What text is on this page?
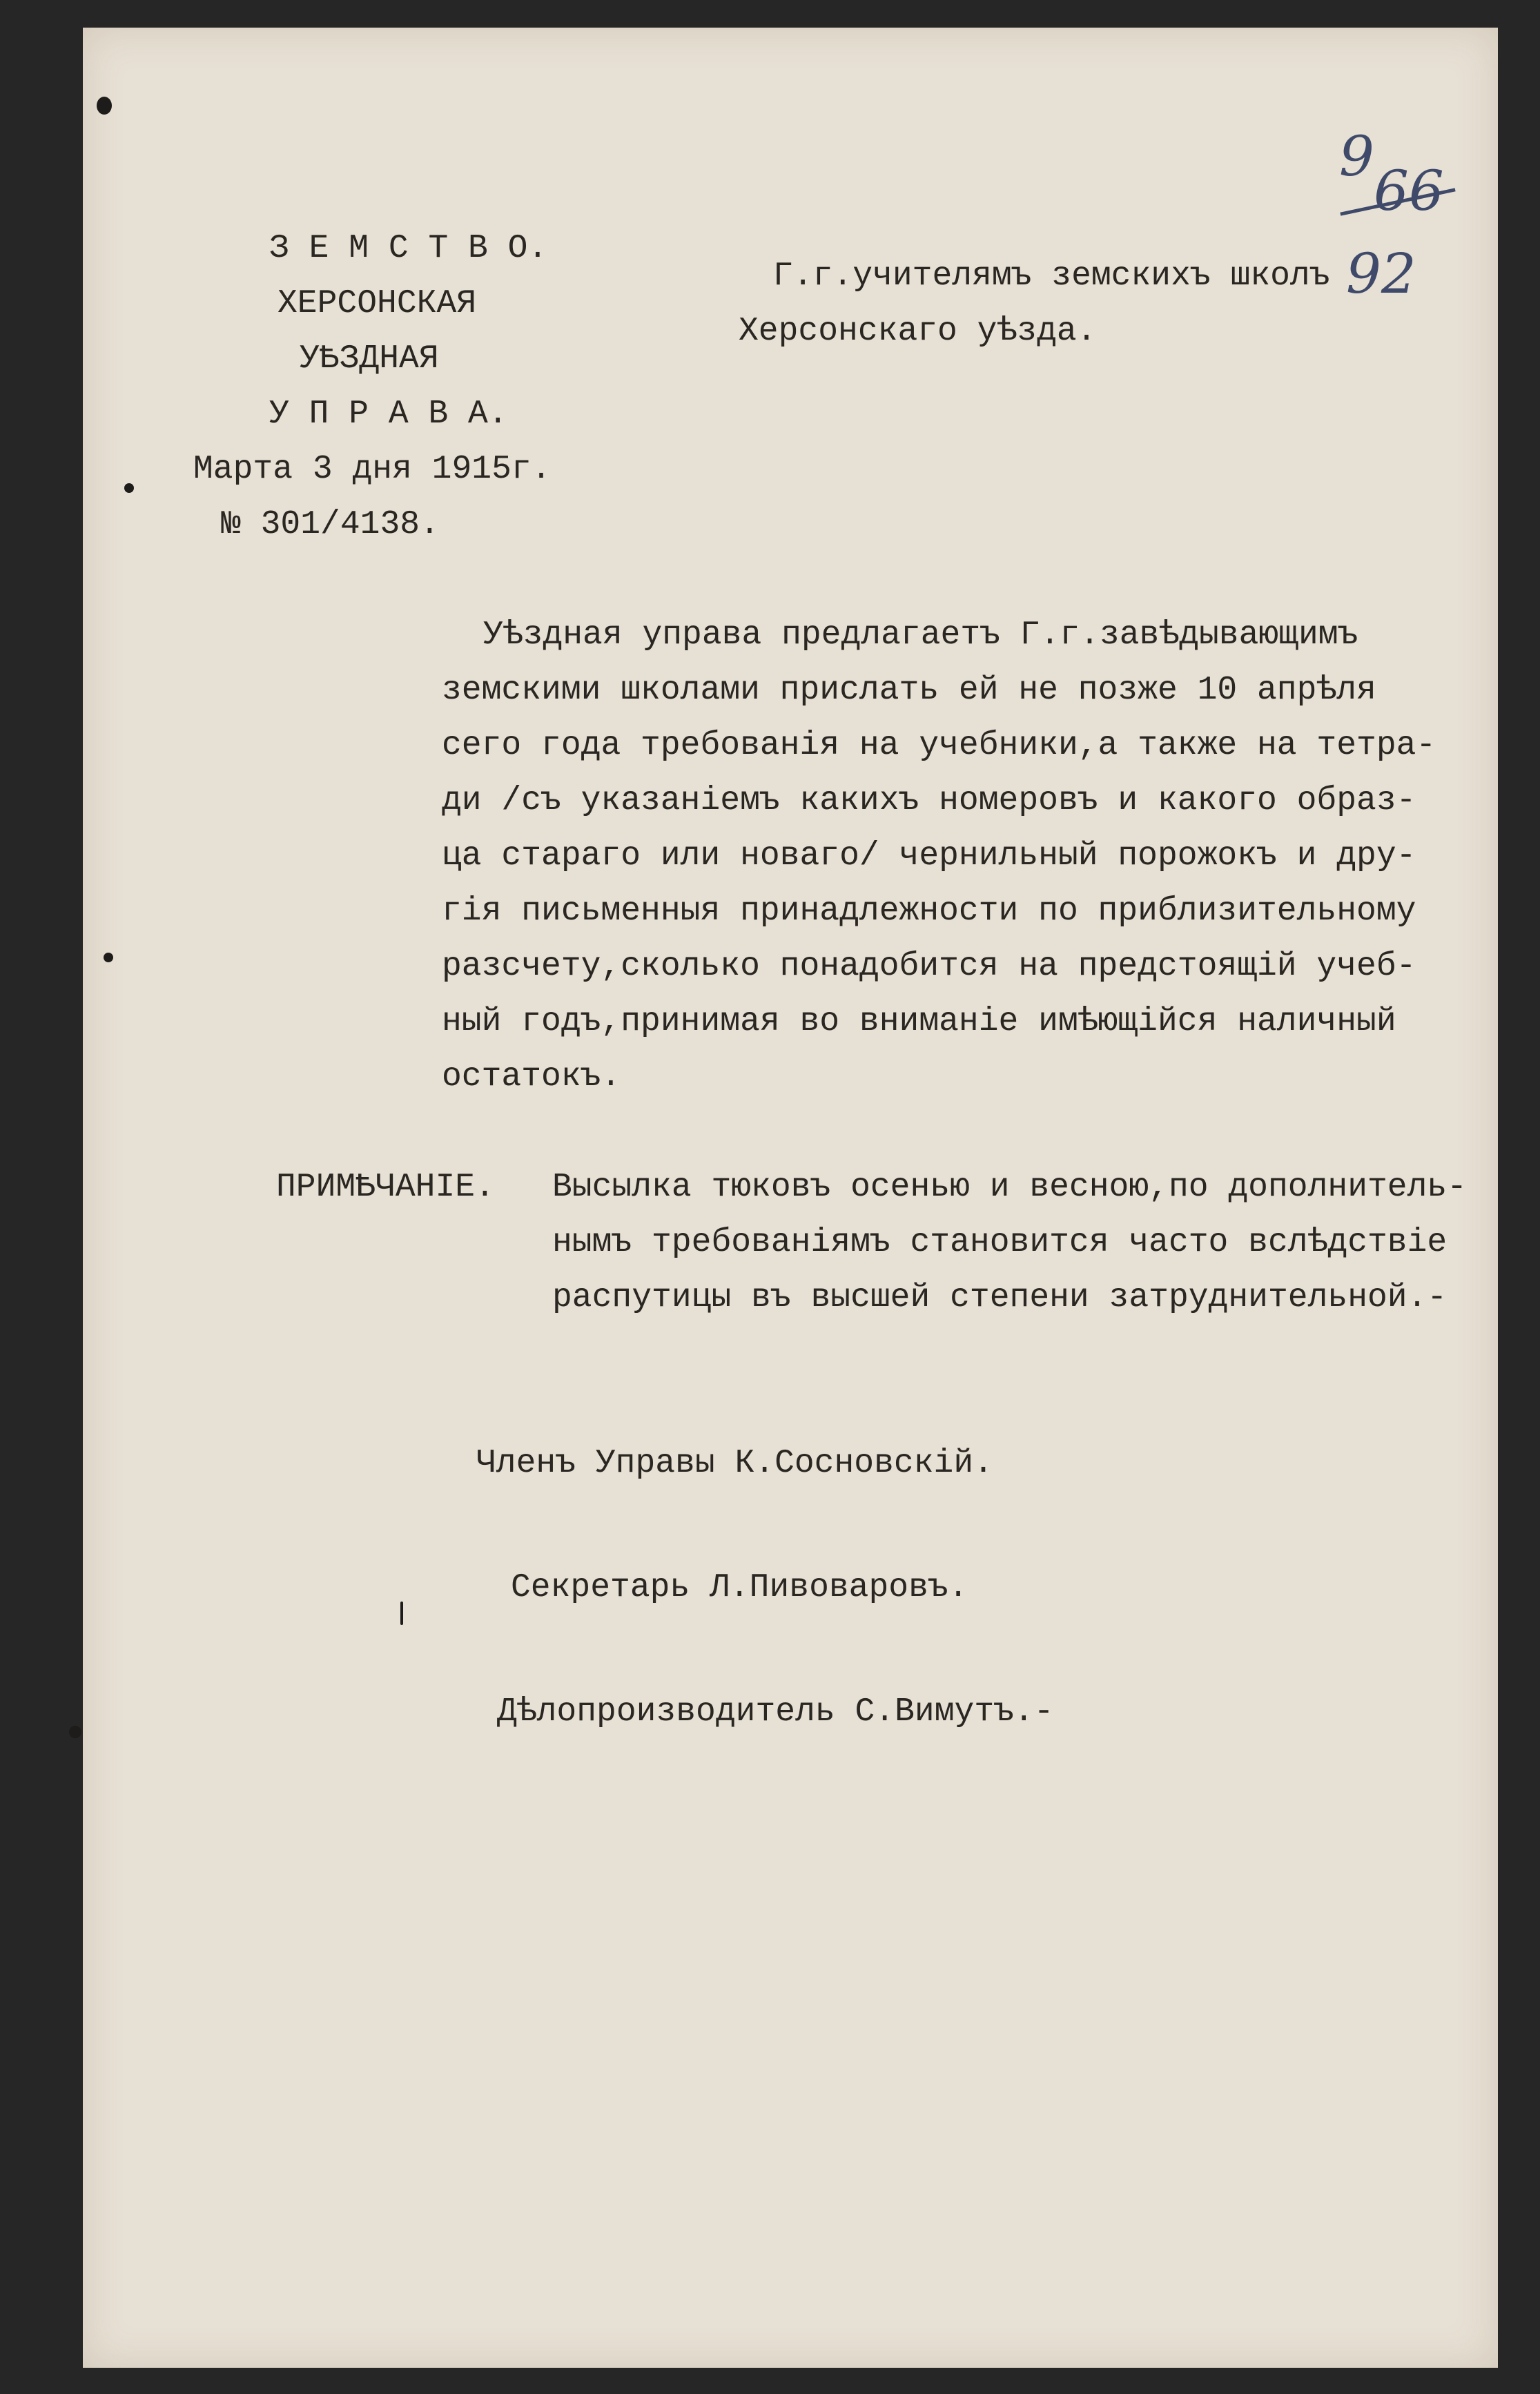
З Е М С Т В О.

ХЕРСОНСКАЯ

УѢЗДНАЯ

У П Р А В А.

Марта 3 дня 1915г.

№ 301/4138.

Г.г.учителямъ земскихъ школъ

Херсонскаго уѣзда.

9
66
92

Уѣздная управа предлагаетъ Г.г.завѣдывающимъ

земскими школами прислать ей не позже 10 апрѣля

сего года требованія на учебники,а также на тетра-

ди /съ указаніемъ какихъ номеровъ и какого образ-

ца стараго или новаго/ чернильный порожокъ и дру-

гія письменныя принадлежности по приблизительному

разсчету,сколько понадобится на предстоящій учеб-

ный годъ,принимая во вниманіе имѣющійся наличный

остатокъ.

ПРИМѢЧАНІЕ.

Высылка тюковъ осенью и весною,по дополнитель-

нымъ требованіямъ становится часто вслѣдствіе

распутицы въ высшей степени затруднительной.-

Членъ Управы К.Сосновскій.

Секретарь Л.Пивоваровъ.

Дѣлопроизводитель С.Вимутъ.-
